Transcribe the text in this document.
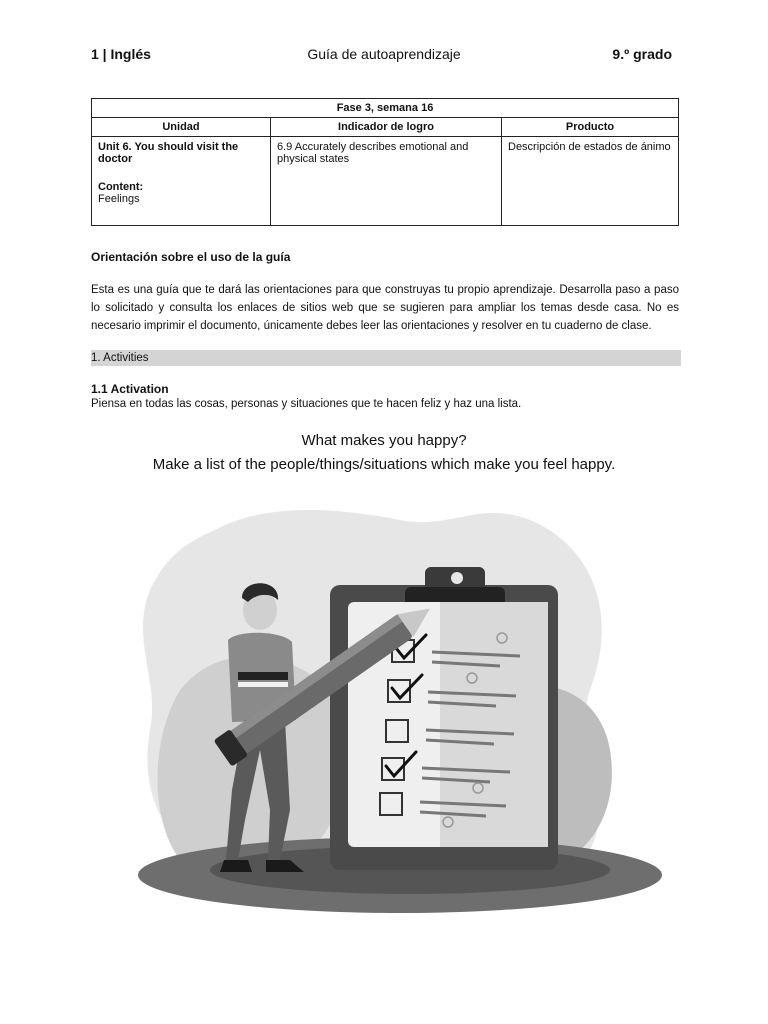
Guía de autoaprendizaje
1 | Inglés	9.º grado
Fase 3, semana 16		
Unidad	Indicador de logro	Producto

Unit 6. You should visit the doctor

Content:

Feelings	6.9 Accurately describes emotional and physical states	Descripción de estados de ánimo
Orientación sobre el uso de la guía
Esta es una guía que te dará las orientaciones para que construyas tu propio aprendizaje. Desarrolla paso a paso lo solicitado y consulta los enlaces de sitios web que se sugieren para ampliar los temas desde casa. No es necesario imprimir el documento, únicamente debes leer las orientaciones y resolver en tu cuaderno de clase.
1. Activities
1.1 Activation
Piensa en todas las cosas, personas y situaciones que te hacen feliz y haz una lista.
What makes you happy?
Make a list of the people/things/situations which make you feel happy.
